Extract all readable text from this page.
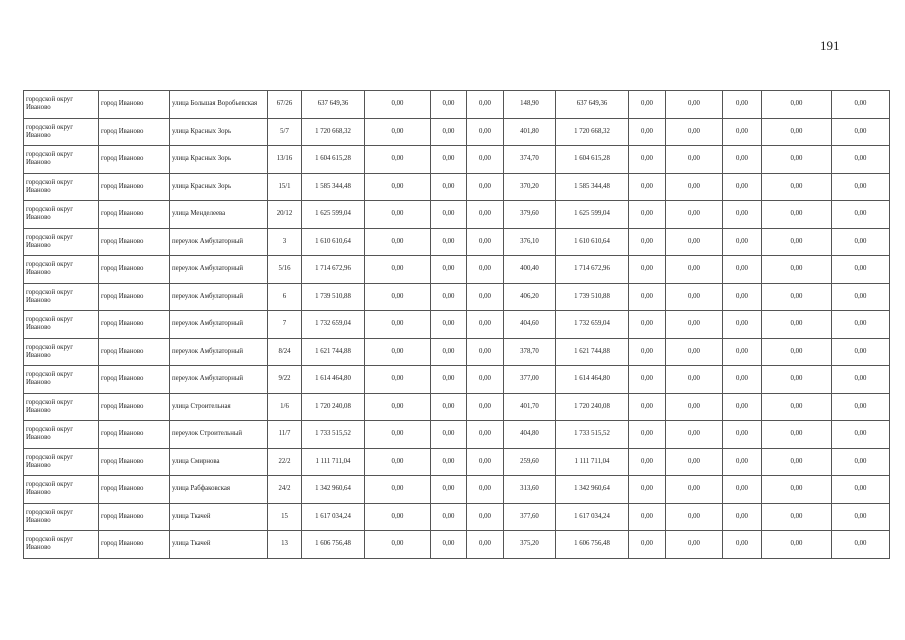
191
городской округ Иваново	город Иваново	улица Большая Воробьевская	67/26	637 649,36	0,00	0,00	0,00	148,90	637 649,36	0,00	0,00	0,00	0,00	0,00
городской округ Иваново	город Иваново	улица Красных Зорь	5/7	1 720 668,32	0,00	0,00	0,00	401,80	1 720 668,32	0,00	0,00	0,00	0,00	0,00
городской округ Иваново	город Иваново	улица Красных Зорь	13/16	1 604 615,28	0,00	0,00	0,00	374,70	1 604 615,28	0,00	0,00	0,00	0,00	0,00
городской округ Иваново	город Иваново	улица Красных Зорь	15/1	1 585 344,48	0,00	0,00	0,00	370,20	1 585 344,48	0,00	0,00	0,00	0,00	0,00
городской округ Иваново	город Иваново	улица Менделеева	20/12	1 625 599,04	0,00	0,00	0,00	379,60	1 625 599,04	0,00	0,00	0,00	0,00	0,00
городской округ Иваново	город Иваново	переулок Амбулаторный	3	1 610 610,64	0,00	0,00	0,00	376,10	1 610 610,64	0,00	0,00	0,00	0,00	0,00
городской округ Иваново	город Иваново	переулок Амбулаторный	5/16	1 714 672,96	0,00	0,00	0,00	400,40	1 714 672,96	0,00	0,00	0,00	0,00	0,00
городской округ Иваново	город Иваново	переулок Амбулаторный	6	1 739 510,88	0,00	0,00	0,00	406,20	1 739 510,88	0,00	0,00	0,00	0,00	0,00
городской округ Иваново	город Иваново	переулок Амбулаторный	7	1 732 659,04	0,00	0,00	0,00	404,60	1 732 659,04	0,00	0,00	0,00	0,00	0,00
городской округ Иваново	город Иваново	переулок Амбулаторный	8/24	1 621 744,88	0,00	0,00	0,00	378,70	1 621 744,88	0,00	0,00	0,00	0,00	0,00
городской округ Иваново	город Иваново	переулок Амбулаторный	9/22	1 614 464,80	0,00	0,00	0,00	377,00	1 614 464,80	0,00	0,00	0,00	0,00	0,00
городской округ Иваново	город Иваново	улица Строительная	1/6	1 720 240,08	0,00	0,00	0,00	401,70	1 720 240,08	0,00	0,00	0,00	0,00	0,00
городской округ Иваново	город Иваново	переулок Строительный	11/7	1 733 515,52	0,00	0,00	0,00	404,80	1 733 515,52	0,00	0,00	0,00	0,00	0,00
городской округ Иваново	город Иваново	улица Смирнова	22/2	1 111 711,04	0,00	0,00	0,00	259,60	1 111 711,04	0,00	0,00	0,00	0,00	0,00
городской округ Иваново	город Иваново	улица Рабфаковская	24/2	1 342 960,64	0,00	0,00	0,00	313,60	1 342 960,64	0,00	0,00	0,00	0,00	0,00
городской округ Иваново	город Иваново	улица Ткачей	15	1 617 034,24	0,00	0,00	0,00	377,60	1 617 034,24	0,00	0,00	0,00	0,00	0,00
городской округ Иваново	город Иваново	улица Ткачей	13	1 606 756,48	0,00	0,00	0,00	375,20	1 606 756,48	0,00	0,00	0,00	0,00	0,00
